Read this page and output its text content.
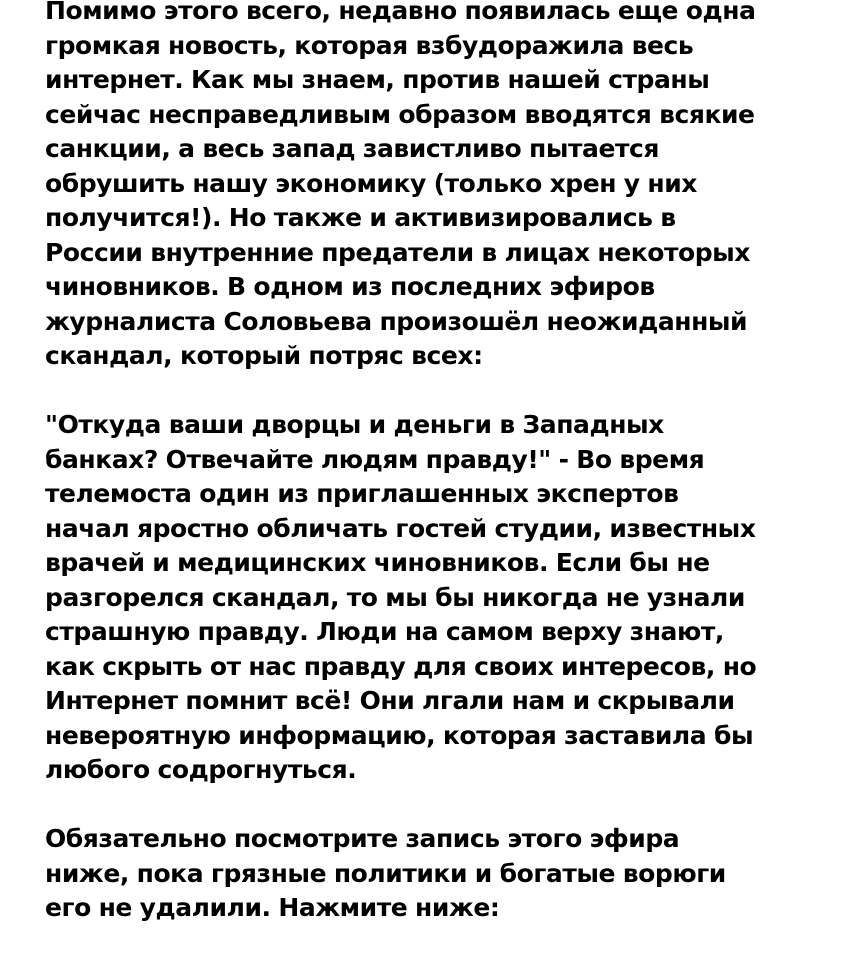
Помимо этого всего, недавно появилась еще одна
громкая новость, которая взбудоражила весь
интернет. Как мы знаем, против нашей страны
сейчас несправедливым образом вводятся всякие
санкции, а весь запад завистливо пытается
обрушить нашу экономику (только хрен у них
получится!). Но также и активизировались в
России внутренние предатели в лицах некоторых
чиновников. В одном из последних эфиров
журналиста Соловьева произошёл неожиданный
скандал, который потряс всех:

"Откуда ваши дворцы и деньги в Западных
банках? Отвечайте людям правду!" - Во время
телемоста один из приглашенных экспертов
начал яростно обличать гостей студии, известных
врачей и медицинских чиновников. Если бы не
разгорелся скандал, то мы бы никогда не узнали
страшную правду. Люди на самом верху знают,
как скрыть от нас правду для своих интересов, но
Интернет помнит всё! Они лгали нам и скрывали
невероятную информацию, которая заставила бы
любого содрогнуться.

Обязательно посмотрите запись этого эфира
ниже, пока грязные политики и богатые ворюги
его не удалили. Нажмите ниже:
